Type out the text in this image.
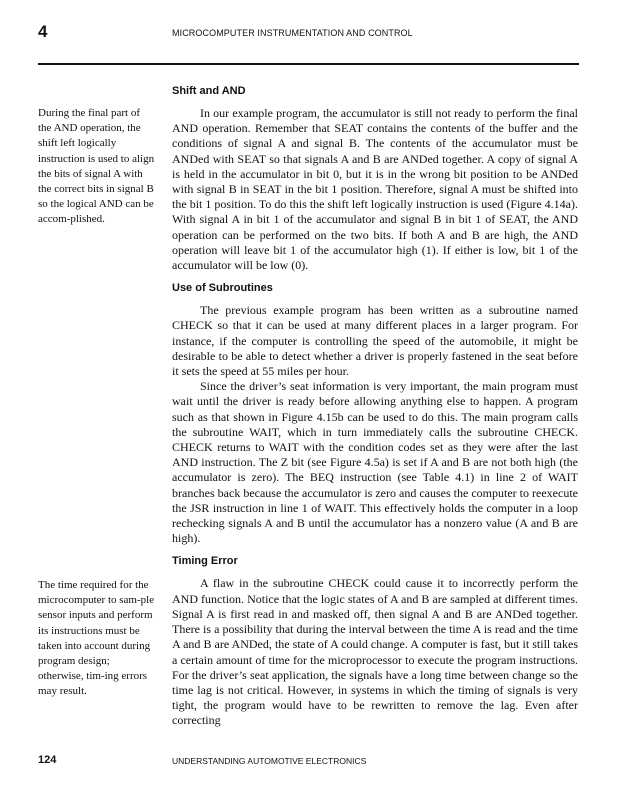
4	MICROCOMPUTER INSTRUMENTATION AND CONTROL

During the final part of the AND operation, the shift left logically instruction is used to align the bits of signal A with the correct bits in signal B so the logical AND can be accom-plished.

The time required for the microcomputer to sam-ple sensor inputs and perform its instructions must be taken into account during program design; otherwise, tim-ing errors may result.

Shift and AND

In our example program, the accumulator is still not ready to perform the final AND operation. Remember that SEAT contains the contents of the buffer and the conditions of signal A and signal B. The contents of the accumulator must be ANDed with SEAT so that signals A and B are ANDed together. A copy of signal A is held in the accumulator in bit 0, but it is in the wrong bit position to be ANDed with signal B in SEAT in the bit 1 position. Therefore, signal A must be shifted into the bit 1 position. To do this the shift left logically instruction is used (Figure 4.14a). With signal A in bit 1 of the accumulator and signal B in bit 1 of SEAT, the AND operation can be performed on the two bits. If both A and B are high, the AND operation will leave bit 1 of the accumulator high (1). If either is low, bit 1 of the accumulator will be low (0).

Use of Subroutines

The previous example program has been written as a subroutine named CHECK so that it can be used at many different places in a larger program. For instance, if the computer is controlling the speed of the automobile, it might be desirable to be able to detect whether a driver is properly fastened in the seat before it sets the speed at 55 miles per hour.

Since the driver’s seat information is very important, the main program must wait until the driver is ready before allowing anything else to happen. A program such as that shown in Figure 4.15b can be used to do this. The main program calls the subroutine WAIT, which in turn immediately calls the subroutine CHECK. CHECK returns to WAIT with the condition codes set as they were after the last AND instruction. The Z bit (see Figure 4.5a) is set if A and B are not both high (the accumulator is zero). The BEQ instruction (see Table 4.1) in line 2 of WAIT branches back because the accumulator is zero and causes the computer to reexecute the JSR instruction in line 1 of WAIT. This effectively holds the computer in a loop rechecking signals A and B until the accumulator has a nonzero value (A and B are high).

Timing Error

A flaw in the subroutine CHECK could cause it to incorrectly perform the AND function. Notice that the logic states of A and B are sampled at different times. Signal A is first read in and masked off, then signal A and B are ANDed together. There is a possibility that during the interval between the time A is read and the time A and B are ANDed, the state of A could change. A computer is fast, but it still takes a certain amount of time for the microprocessor to execute the program instructions. For the driver’s seat application, the signals have a long time between change so the time lag is not critical. However, in systems in which the timing of signals is very tight, the program would have to be rewritten to remove the lag. Even after correcting

124	UNDERSTANDING AUTOMOTIVE ELECTRONICS
